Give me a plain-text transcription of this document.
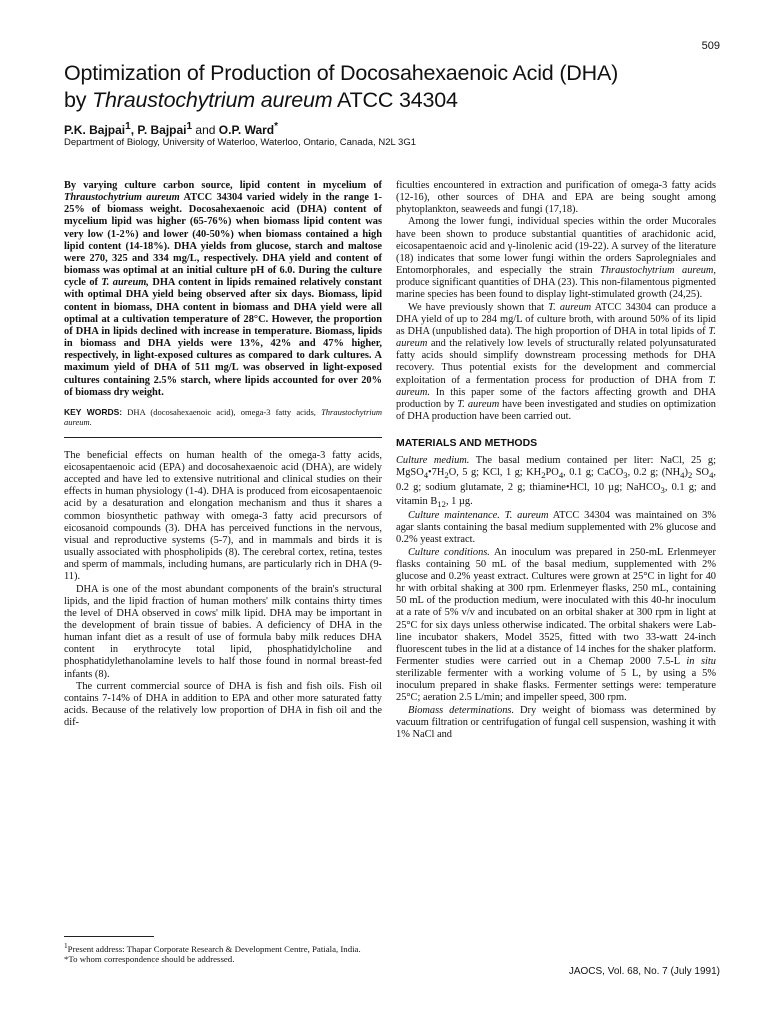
509
Optimization of Production of Docosahexaenoic Acid (DHA)
by Thraustochytrium aureum ATCC 34304
P.K. Bajpai$^1$, P. Bajpai$^1$ and O.P. Ward*
Department of Biology, University of Waterloo, Waterloo, Ontario, Canada, N2L 3G1

By varying culture carbon source, lipid content in mycelium of Thraustochytrium aureum ATCC 34304 varied widely in the range 1-25% of biomass weight. Docosahexaenoic acid (DHA) content of mycelium lipid was higher (65-76%) when biomass lipid content was very low (1-2%) and lower (40-50%) when biomass contained a high lipid content (14-18%). DHA yields from glucose, starch and maltose were 270, 325 and 334 mg/L, respectively. DHA yield and content of biomass was optimal at an initial culture pH of 6.0. During the culture cycle of T. aureum, DHA content in lipids remained relatively constant with optimal DHA yield being observed after six days. Biomass, lipid content in biomass, DHA content in biomass and DHA yield were all optimal at a cultivation temperature of 28°C. However, the proportion of DHA in lipids declined with increase in temperature. Biomass, lipids in biomass and DHA yields were 13%, 42% and 47% higher, respectively, in light-exposed cultures as compared to dark cultures. A maximum yield of DHA of 511 mg/L was observed in light-exposed cultures containing 2.5% starch, where lipids accounted for over 20% of biomass dry weight.

KEY WORDS: DHA (docosahexaenoic acid), omega-3 fatty acids, Thraustochytrium aureum.

The beneficial effects on human health of the omega-3 fatty acids, eicosapentaenoic acid (EPA) and docosahexaenoic acid (DHA), are widely accepted and have led to extensive nutritional and clinical studies on their effects in human physiology (1-4). DHA is produced from eicosapentaenoic acid by a desaturation and elongation mechanism and thus it shares a common biosynthetic pathway with omega-3 fatty acid precursors of eicosanoid compounds (3). DHA has perceived functions in the nervous, visual and reproductive systems (5-7), and in mammals and birds it is usually associated with phospholipids (8). The cerebral cortex, retina, testes and sperm of mammals, including humans, are particularly rich in DHA (9-11).

DHA is one of the most abundant components of the brain's structural lipids, and the lipid fraction of human mothers' milk contains thirty times the level of DHA observed in cows' milk lipid. DHA may be important in the development of brain tissue of babies. A deficiency of DHA in the human infant diet as a result of use of formula baby milk reduces DHA content in erythrocyte total lipid, phosphatidylcholine and phosphatidylethanolamine levels to half those found in normal breast-fed infants (8).

The current commercial source of DHA is fish and fish oils. Fish oil contains 7-14% of DHA in addition to EPA and other more saturated fatty acids. Because of the relatively low proportion of DHA in fish oil and the dif-

ficulties encountered in extraction and purification of omega-3 fatty acids (12-16), other sources of DHA and EPA are being sought among phytoplankton, seaweeds and fungi (17,18).

Among the lower fungi, individual species within the order Mucorales have been shown to produce substantial quantities of arachidonic acid, eicosapentaenoic acid and γ-linolenic acid (19-22). A survey of the literature (18) indicates that some lower fungi within the orders Saprolegniales and Entomorphorales, and especially the strain Thraustochytrium aureum, produce significant quantities of DHA (23). This non-filamentous pigmented marine species has been found to display light-stimulated growth (24,25).

We have previously shown that T. aureum ATCC 34304 can produce a DHA yield of up to 284 mg/L of culture broth, with around 50% of its lipid as DHA (unpublished data). The high proportion of DHA in total lipids of T. aureum and the relatively low levels of structurally related polyunsaturated fatty acids should simplify downstream processing methods for DHA recovery. Thus potential exists for the development and commercial exploitation of a fermentation process for production of DHA from T. aureum. In this paper some of the factors affecting growth and DHA production by T. aureum have been investigated and studies on optimization of DHA production have been carried out.

MATERIALS AND METHODS

Culture medium. The basal medium contained per liter: NaCl, 25 g; $MgSO_4•7H_2O$, 5 g; KCl, 1 g; $KH_2PO_4$, 0.1 g; CaCO$_3$, 0.2 g; $(NH_4)_2$ $SO_4$, 0.2 g; sodium glutamate, 2 g; thiamine•HCl, 10 µg; NaHCO$_3$, 0.1 g; and vitamin $B_{12}$, 1 µg.

Culture maintenance. T. aureum ATCC 34304 was maintained on 3% agar slants containing the basal medium supplemented with 2% glucose and 0.2% yeast extract.

Culture conditions. An inoculum was prepared in 250-mL Erlenmeyer flasks containing 50 mL of the basal medium, supplemented with 2% glucose and 0.2% yeast extract. Cultures were grown at 25°C in light for 40 hr with orbital shaking at 300 rpm. Erlenmeyer flasks, 250 mL, containing 50 mL of the production medium, were inoculated with this 40-hr inoculum at a rate of 5% v/v and incubated on an orbital shaker at 300 rpm in light at 25°C for six days unless otherwise indicated. The orbital shakers were Lab-line incubator shakers, Model 3525, fitted with two 33-watt 24-inch fluorescent tubes in the lid at a distance of 14 inches for the shaker platform. Fermenter studies were carried out in a Chemap 2000 7.5-L in situ sterilizable fermenter with a working volume of 5 L, by using a 5% inoculum prepared in shake flasks. Fermenter settings were: temperature 25°C; aeration 2.5 L/min; and impeller speed, 300 rpm.

Biomass determinations. Dry weight of biomass was determined by vacuum filtration or centrifugation of fungal cell suspension, washing it with 1% NaCl and

$^1$Present address: Thapar Corporate Research & Development Centre, Patiala, India.

*To whom correspondence should be addressed.

JAOCS, Vol. 68, No. 7 (July 1991)
